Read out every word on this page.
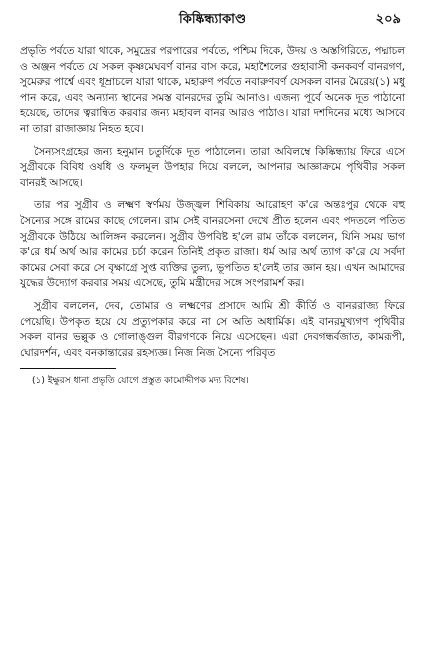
কিষ্কিন্ধ্যাকাণ্ড	২০৯

প্রভৃতি পর্বতে যারা থাকে, সমুদ্রের পরপারের পর্বতে, পশ্চিম দিকে, উদয় ও অস্তগিরিতে, পদ্মাচল ও অঞ্জন পর্বতে যে সকল কৃষ্ণমেঘবর্ণ বানর বাস করে, মহাশৈলের গুহাবাসী কনকবর্ণ বানরগণ, সুমেরুর পার্শ্বে এবং ধূম্রাচলে যারা থাকে, মহারুণ পর্বতে নবারুণবর্ণ যেসকল বানর মৈরেয়(১) মধু পান করে, এবং অন্যান্য স্থানের সমস্ত বানরদের তুমি আনাও। এজন্য পূর্বে অনেক দূত পাঠানো হয়েছে, তাদের ত্বরান্বিত করবার জন্য মহাবল বানর আরও পাঠাও। যারা দশদিনের মধ্যে আসবে না তারা রাজাজ্ঞায় নিহত হবে।

সৈন্যসংগ্রহের জন্য হনুমান চতুর্দিকে দূত পাঠালেন। তারা অবিলম্বে কিষ্কিন্ধ্যায় ফিরে এসে সুগ্রীবকে বিবিধ ওষধি ও ফলমূল উপহার দিয়ে বললে, আপনার আজ্ঞাক্রমে পৃথিবীর সকল বানরই আসছে।

তার পর সুগ্রীব ও লক্ষ্মণ স্বর্ণময় উজ্জ্বল শিবিকায় আরোহণ ক'রে অন্তঃপুর থেকে বহু সৈন্যের সঙ্গে রামের কাছে গেলেন। রাম সেই বানরসেনা দেখে প্রীত হলেন এবং পদতলে পতিত সুগ্রীবকে উঠিয়ে আলিঙ্গন করলেন। সুগ্রীব উপবিষ্ট হ'লে রাম তাঁকে বললেন, যিনি সময় ভাগ ক'রে ধর্ম অর্থ আর কামের চর্চা করেন তিনিই প্রকৃত রাজা। ধর্ম আর অর্থ ত্যাগ ক'রে যে সর্বদা কামের সেবা করে সে বৃক্ষাগ্রে সুপ্ত ব্যক্তির তুল্য, ভূপতিত হ'লেই তার জ্ঞান হয়। এখন আমাদের যুদ্ধের উদ্যোগ করবার সময় এসেছে, তুমি মন্ত্রীদের সঙ্গে সংপরামর্শ কর।

সুগ্রীব বললেন, দেব, তোমার ও লক্ষ্মণের প্রসাদে আমি শ্রী কীর্তি ও বানররাজ্য ফিরে পেয়েছি। উপকৃত হয়ে যে প্রত্যুপকার করে না সে অতি অধার্মিক। এই বানরমুখ্যগণ পৃথিবীর সকল বানর ভল্লুক ও গোলাঙ্গুল বীরগণকে নিয়ে এসেছেন। এরা দেবগন্ধর্বজাত, কামরূপী, ঘোরদর্শন, এবং বনকান্তারের রহস্যজ্ঞ। নিজ নিজ সৈন্যে পরিবৃত

(১) ইক্ষুরস ধানা প্রভৃতি যোগে প্রস্তুত কামোদ্দীপক মদ্য বিশেষ।
